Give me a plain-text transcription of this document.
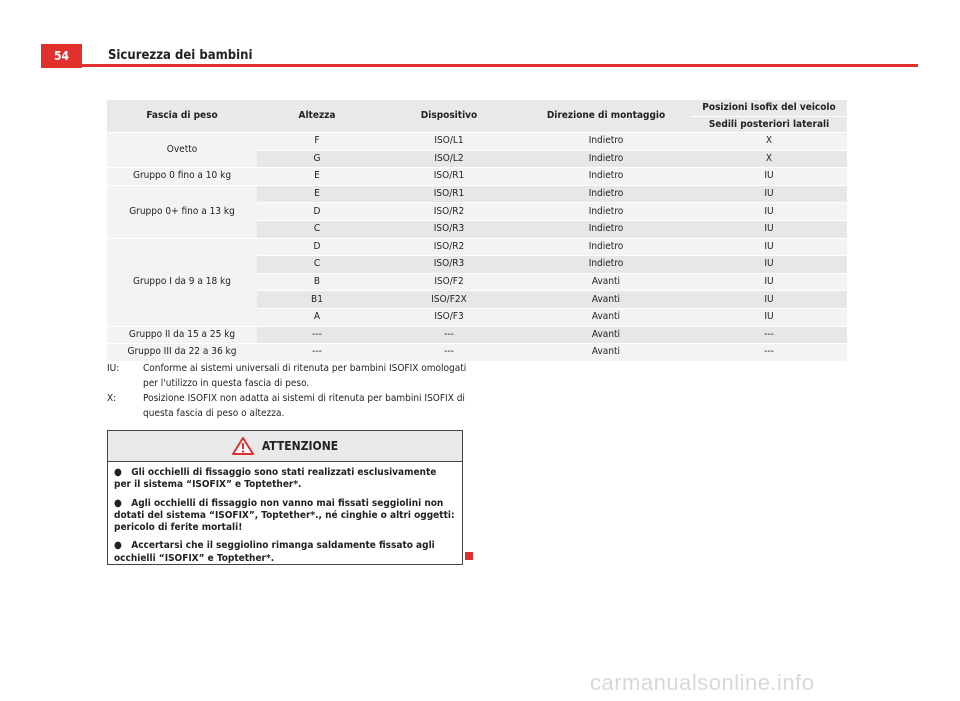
54	Sicurezza dei bambini
Fascia di peso	Altezza	Dispositivo	Direzione di montaggio	Posizioni Isofix del veicolo
				Sedili posteriori laterali
Ovetto	F	ISO/L1	Indietro	X
	G	ISO/L2	Indietro	X
Gruppo 0 fino a 10 kg	E	ISO/R1	Indietro	IU
Gruppo 0+ fino a 13 kg	E	ISO/R1	Indietro	IU
	D	ISO/R2	Indietro	IU
	C	ISO/R3	Indietro	IU
Gruppo I da 9 a 18 kg	D	ISO/R2	Indietro	IU
	C	ISO/R3	Indietro	IU
	B	ISO/F2	Avanti	IU
	B1	ISO/F2X	Avanti	IU
	A	ISO/F3	Avanti	IU
Gruppo II da 15 a 25 kg	---	---	Avanti	---
Gruppo III da 22 a 36 kg	---	---	Avanti	---
IU: Conforme ai sistemi universali di ritenuta per bambini ISOFIX omologati per l'utilizzo in questa fascia di peso.
X:	Posizione ISOFIX non adatta ai sistemi di ritenuta per bambini ISOFIX di questa fascia di peso o altezza.
ATTENZIONE

●   Gli occhielli di fissaggio sono stati realizzati esclusivamente per il sistema “ISOFIX” e Toptether*.

●   Agli occhielli di fissaggio non vanno mai fissati seggiolini non dotati del sistema “ISOFIX”, Toptether*., né cinghie o altri oggetti: pericolo di ferite mortali!

●   Accertarsi che il seggiolino rimanga saldamente fissato agli occhielli “ISOFIX” e Toptether*.

carmanualsonline.info
